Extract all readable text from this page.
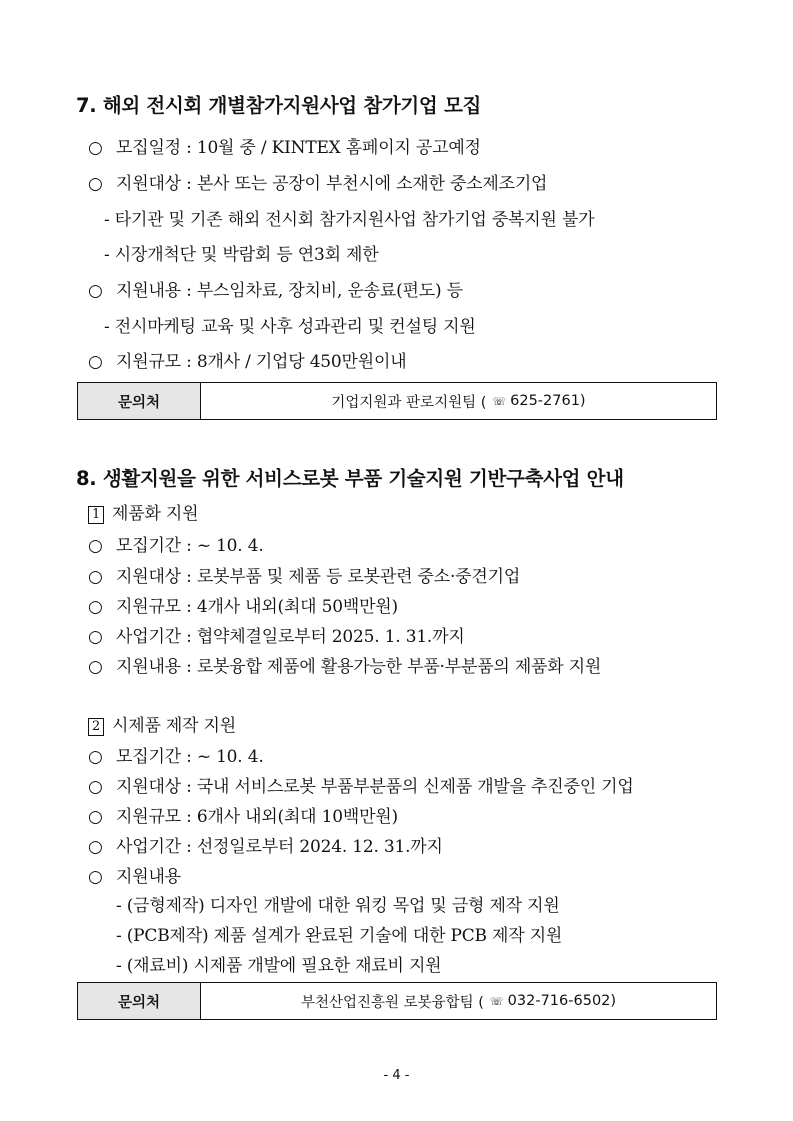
7. 해외 전시회 개별참가지원사업 참가기업 모집
○ 모집일정 : 10월 중 / KINTEX 홈페이지 공고예정
○ 지원대상 : 본사 또는 공장이 부천시에 소재한 중소제조기업
- 타기관 및 기존 해외 전시회 참가지원사업 참가기업 중복지원 불가
- 시장개척단 및 박람회 등 연3회 제한
○ 지원내용 : 부스임차료, 장치비, 운송료(편도) 등
- 전시마케팅 교육 및 사후 성과관리 및 컨설팅 지원
○ 지원규모 : 8개사 / 기업당 450만원이내
문의처	기업지원과 판로지원팀 ( ☏ 625-2761)
8. 생활지원을 위한 서비스로봇 부품 기술지원 기반구축사업 안내
1 제품화 지원
○ 모집기간 : ~ 10. 4.
○ 지원대상 : 로봇부품 및 제품 등 로봇관련 중소·중견기업
○ 지원규모 : 4개사 내외(최대 50백만원)
○ 사업기간 : 협약체결일로부터 2025. 1. 31.까지
○ 지원내용 : 로봇융합 제품에 활용가능한 부품·부분품의 제품화 지원
2 시제품 제작 지원
○ 모집기간 : ~ 10. 4.
○ 지원대상 : 국내 서비스로봇 부품부분품의 신제품 개발을 추진중인 기업
○ 지원규모 : 6개사 내외(최대 10백만원)
○ 사업기간 : 선정일로부터 2024. 12. 31.까지
○ 지원내용
- (금형제작) 디자인 개발에 대한 워킹 목업 및 금형 제작 지원
- (PCB제작) 제품 설계가 완료된 기술에 대한 PCB 제작 지원
- (재료비) 시제품 개발에 필요한 재료비 지원
문의처	부천산업진흥원 로봇융합팀 ( ☏ 032-716-6502)
- 4 -
